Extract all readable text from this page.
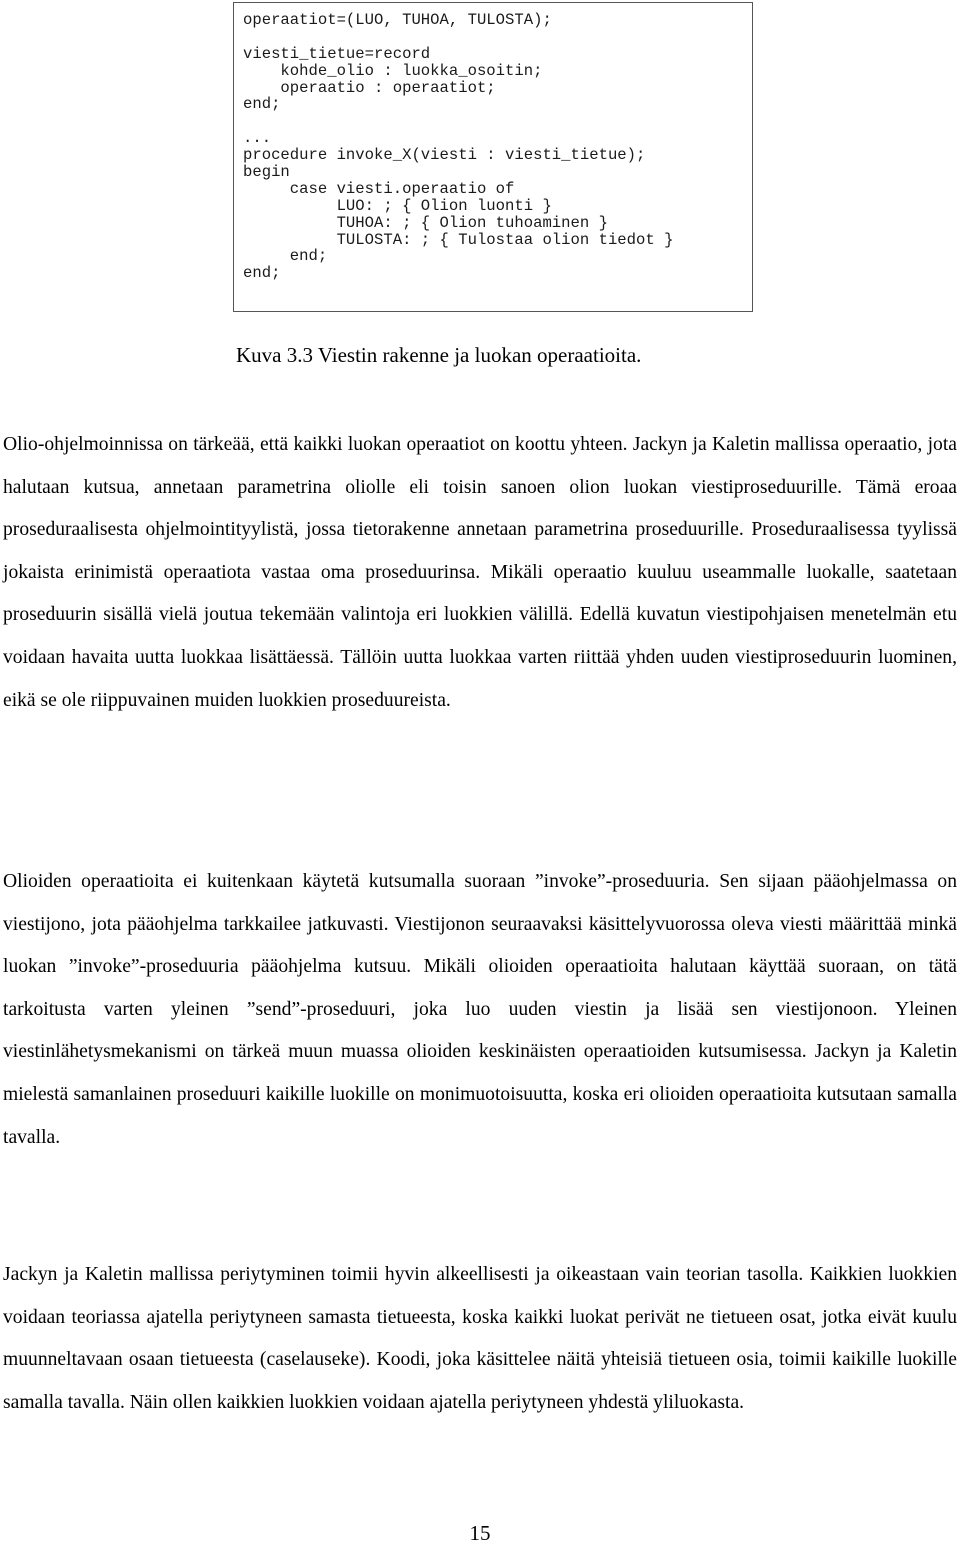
operaatiot=(LUO, TUHOA, TULOSTA);
viesti_tietue=record
kohde_olio : luokka_osoitin;
operaatio : operaatiot;
end;
...
procedure invoke_X(viesti : viesti_tietue);
begin
case viesti.operaatio of
LUO: ; { Olion luonti }
TUHOA: ; { Olion tuhoaminen }
TULOSTA: ; { Tulostaa olion tiedot }
end;
end;
Kuva 3.3 Viestin rakenne ja luokan operaatioita.

Olio-ohjelmoinnissa on tärkeää, että kaikki luokan operaatiot on koottu yhteen. Jackyn ja Kaletin mallissa operaatio, jota halutaan kutsua, annetaan parametrina oliolle eli toisin sanoen olion luokan viestiproseduurille. Tämä eroaa proseduraalisesta ohjelmointityylistä, jossa tietorakenne annetaan parametrina proseduurille. Proseduraalisessa tyylissä jokaista erinimistä operaatiota vastaa oma proseduurinsa. Mikäli operaatio kuuluu useammalle luokalle, saatetaan proseduurin sisällä vielä joutua tekemään valintoja eri luokkien välillä. Edellä kuvatun viestipohjaisen menetelmän etu voidaan havaita uutta luokkaa lisättäessä. Tällöin uutta luokkaa varten riittää yhden uuden viestiproseduurin luominen, eikä se ole riippuvainen muiden luokkien proseduureista.

Olioiden operaatioita ei kuitenkaan käytetä kutsumalla suoraan ”invoke”-proseduuria. Sen sijaan pääohjelmassa on viestijono, jota pääohjelma tarkkailee jatkuvasti. Viestijonon seuraavaksi käsittelyvuorossa oleva viesti määrittää minkä luokan ”invoke”-proseduuria pääohjelma kutsuu. Mikäli olioiden operaatioita halutaan käyttää suoraan, on tätä tarkoitusta varten yleinen ”send”-proseduuri, joka luo uuden viestin ja lisää sen viestijonoon. Yleinen viestinlähetysmekanismi on tärkeä muun muassa olioiden keskinäisten operaatioiden kutsumisessa. Jackyn ja Kaletin mielestä samanlainen proseduuri kaikille luokille on monimuotoisuutta, koska eri olioiden operaatioita kutsutaan samalla tavalla.

Jackyn ja Kaletin mallissa periytyminen toimii hyvin alkeellisesti ja oikeastaan vain teorian tasolla. Kaikkien luokkien voidaan teoriassa ajatella periytyneen samasta tietueesta, koska kaikki luokat perivät ne tietueen osat, jotka eivät kuulu muunneltavaan osaan tietueesta (caselauseke). Koodi, joka käsittelee näitä yhteisiä tietueen osia, toimii kaikille luokille samalla tavalla. Näin ollen kaikkien luokkien voidaan ajatella periytyneen yhdestä yliluokasta.

15
